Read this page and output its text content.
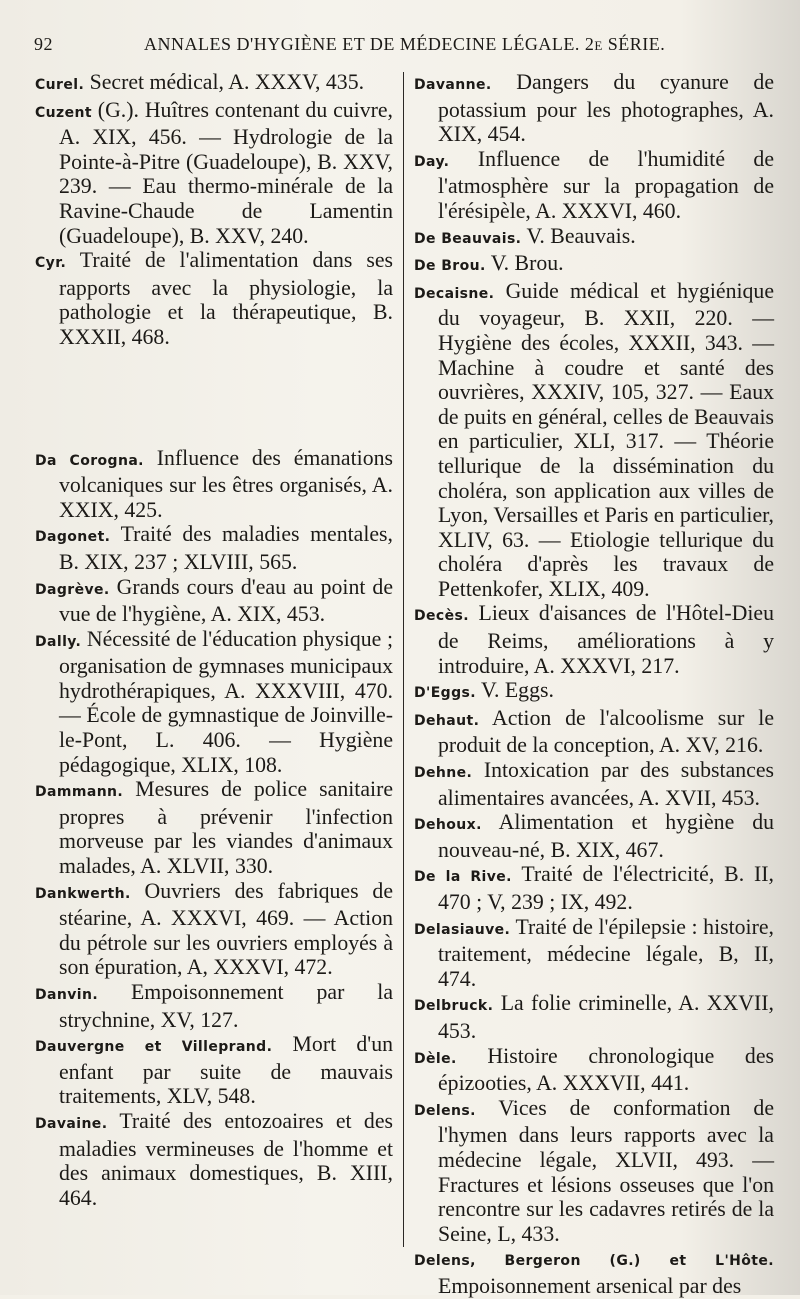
92	ANNALES D'HYGIÈNE ET DE MÉDECINE LÉGALE. 2e SÉRIE.

Curel. Secret médical, A. XXXV, 435.

Cuzent (G.). Huîtres contenant du cuivre, A. XIX, 456. — Hydrologie de la Pointe-à-Pitre (Guadeloupe), B. XXV, 239. — Eau thermo-minérale de la Ravine-Chaude de Lamentin (Guadeloupe), B. XXV, 240.

Cyr. Traité de l'alimentation dans ses rapports avec la physiologie, la pathologie et la thérapeutique, B. XXXII, 468.

Da Corogna. Influence des émanations volcaniques sur les êtres organisés, A. XXIX, 425.

Dagonet. Traité des maladies mentales, B. XIX, 237 ; XLVIII, 565.

Dagrève. Grands cours d'eau au point de vue de l'hygiène, A. XIX, 453.

Dally. Nécessité de l'éducation physique ; organisation de gymnases municipaux hydrothérapiques, A. XXXVIII, 470. — École de gymnastique de Joinville-le-Pont, L. 406. — Hygiène pédagogique, XLIX, 108.

Dammann. Mesures de police sanitaire propres à prévenir l'infection morveuse par les viandes d'animaux malades, A. XLVII, 330.

Dankwerth. Ouvriers des fabriques de stéarine, A. XXXVI, 469. — Action du pétrole sur les ouvriers employés à son épuration, A, XXXVI, 472.

Danvin. Empoisonnement par la strychnine, XV, 127.

Dauvergne et Villeprand. Mort d'un enfant par suite de mauvais traitements, XLV, 548.

Davaine. Traité des entozoaires et des maladies vermineuses de l'homme et des animaux domestiques, B. XIII, 464.

Davanne. Dangers du cyanure de potassium pour les photographes, A. XIX, 454.

Day. Influence de l'humidité de l'atmosphère sur la propagation de l'érésipèle, A. XXXVI, 460.

De Beauvais. V. Beauvais.

De Brou. V. Brou.

Decaisne. Guide médical et hygiénique du voyageur, B. XXII, 220. — Hygiène des écoles, XXXII, 343. — Machine à coudre et santé des ouvrières, XXXIV, 105, 327. — Eaux de puits en général, celles de Beauvais en particulier, XLI, 317. — Théorie tellurique de la dissémination du choléra, son application aux villes de Lyon, Versailles et Paris en particulier, XLIV, 63. — Etiologie tellurique du choléra d'après les travaux de Pettenkofer, XLIX, 409.

Decès. Lieux d'aisances de l'Hôtel-Dieu de Reims, améliorations à y introduire, A. XXXVI, 217.

D'Eggs. V. Eggs.

Dehaut. Action de l'alcoolisme sur le produit de la conception, A. XV, 216.

Dehne. Intoxication par des substances alimentaires avancées, A. XVII, 453.

Dehoux. Alimentation et hygiène du nouveau-né, B. XIX, 467.

De la Rive. Traité de l'électricité, B. II, 470 ; V, 239 ; IX, 492.

Delasiauve. Traité de l'épilepsie : histoire, traitement, médecine légale, B, II, 474.

Delbruck. La folie criminelle, A. XXVII, 453.

Dèle. Histoire chronologique des épizooties, A. XXXVII, 441.

Delens. Vices de conformation de l'hymen dans leurs rapports avec la médecine légale, XLVII, 493. — Fractures et lésions osseuses que l'on rencontre sur les cadavres retirés de la Seine, L, 433.

Delens, Bergeron (G.) et L'Hôte. Empoisonnement arsenical par des
